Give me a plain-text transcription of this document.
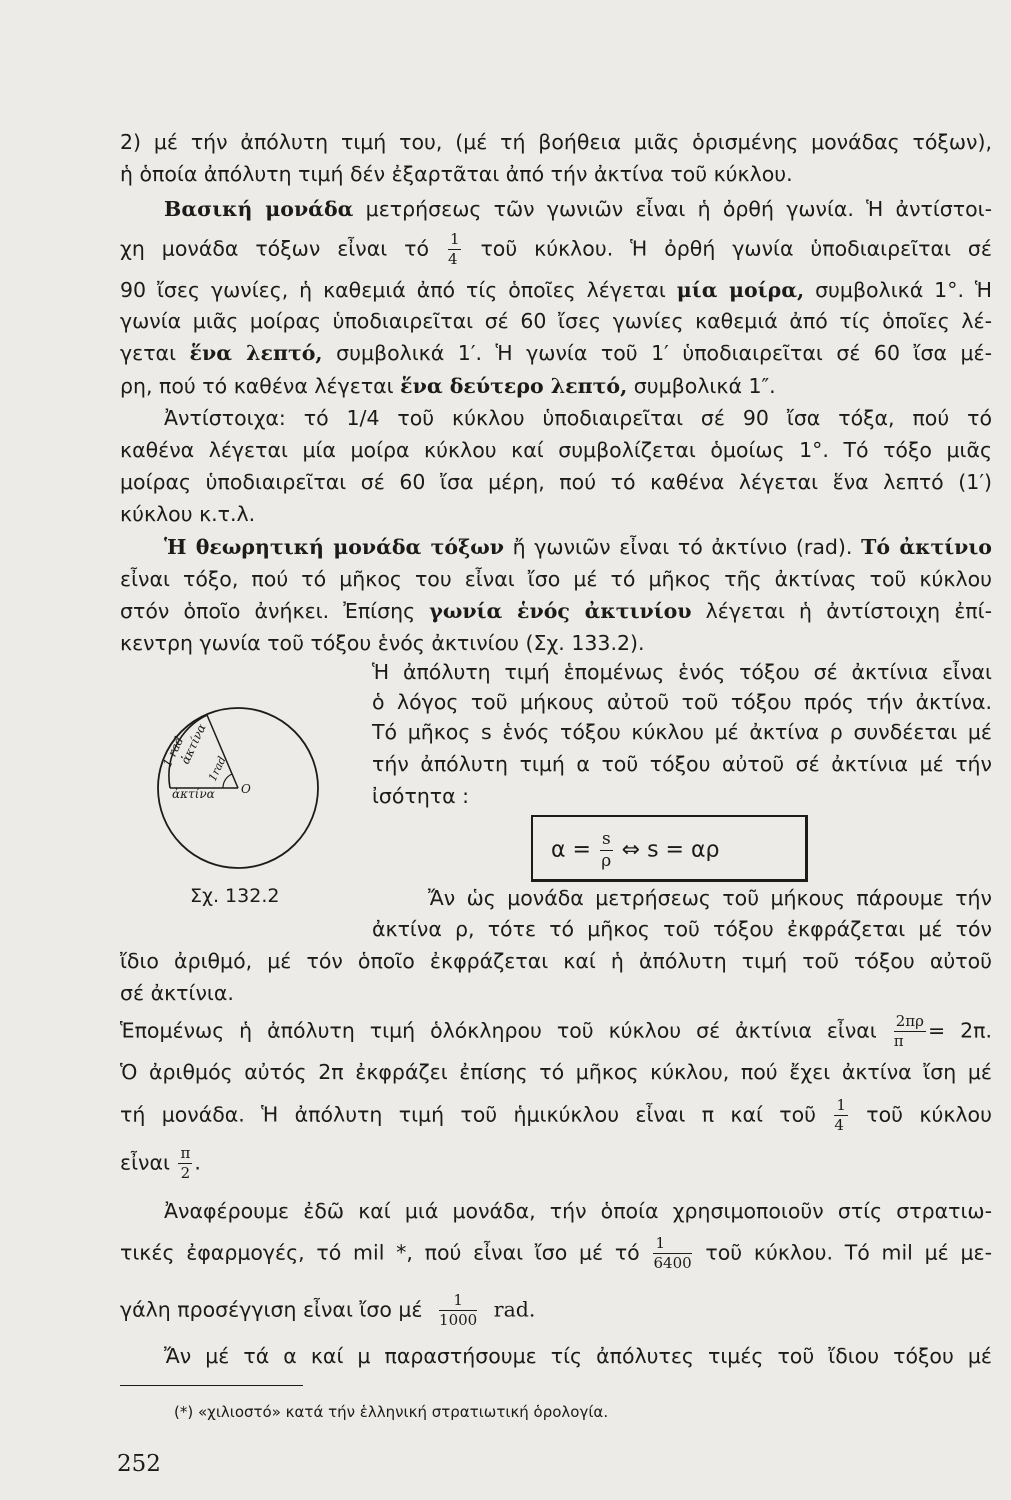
2) μέ τήν ἀπόλυτη τιμή του, (μέ τή βοήθεια μιᾶς ὁρισμένης μονάδας τόξων),
ἡ ὁποία ἀπόλυτη τιμή δέν ἐξαρτᾶται ἀπό τήν ἀκτίνα τοῦ κύκλου.
Βασική μονάδα μετρήσεως τῶν γωνιῶν εἶναι ἡ ὀρθή γωνία. Ἡ ἀντίστοι-
χη μονάδα τόξων εἶναι τό $\frac{1}{4}$ τοῦ κύκλου. Ἡ ὀρθή γωνία ὑποδιαιρεῖται σέ
90 ἴσες γωνίες, ἡ καθεμιά ἀπό τίς ὁποῖες λέγεται μία μοίρα, συμβολικά 1°. Ἡ
γωνία μιᾶς μοίρας ὑποδιαιρεῖται σέ 60 ἴσες γωνίες καθεμιά ἀπό τίς ὁποῖες λέ-
γεται ἕνα λεπτό, συμβολικά 1′. Ἡ γωνία τοῦ 1′ ὑποδιαιρεῖται σέ 60 ἴσα μέ-
ρη, πού τό καθένα λέγεται ἕνα δεύτερο λεπτό, συμβολικά 1″.
Ἀντίστοιχα: τό 1/4 τοῦ κύκλου ὑποδιαιρεῖται σέ 90 ἴσα τόξα, πού τό
καθένα λέγεται μία μοίρα κύκλου καί συμβολίζεται ὁμοίως 1°. Τό τόξο μιᾶς
μοίρας ὑποδιαιρεῖται σέ 60 ἴσα μέρη, πού τό καθένα λέγεται ἕνα λεπτό (1′)
κύκλου κ.τ.λ.
Ἡ θεωρητική μονάδα τόξων ἤ γωνιῶν εἶναι τό ἀκτίνιο (rad). Τό ἀκτίνιο
εἶναι τόξο, πού τό μῆκος του εἶναι ἴσο μέ τό μῆκος τῆς ἀκτίνας τοῦ κύκλου
στόν ὁποῖο ἀνήκει. Ἐπίσης γωνία ἑνός ἀκτινίου λέγεται ἡ ἀντίστοιχη ἐπί-
κεντρη γωνία τοῦ τόξου ἑνός ἀκτινίου (Σχ. 133.2).
Ἡ ἀπόλυτη τιμή ἑπομένως ἑνός τόξου σέ ἀκτίνια εἶναι
ὁ λόγος τοῦ μήκους αὐτοῦ τοῦ τόξου πρός τήν ἀκτίνα.
Τό μῆκος s ἑνός τόξου κύκλου μέ ἀκτίνα ρ συνδέεται μέ
τήν ἀπόλυτη τιμή α τοῦ τόξου αὐτοῦ σέ ἀκτίνια μέ τήν
ἰσότητα :
ἀκτίνα
ἀκτίνα
1 rad 1rad
O
$\alpha = \frac{s}{\rho}$ ⇔ s = αρ
Σχ. 132.2	Ἄν ὡς μονάδα μετρήσεως τοῦ μήκους πάρουμε τήν
ἀκτίνα ρ, τότε τό μῆκος τοῦ τόξου ἐκφράζεται μέ τόν
ἴδιο ἀριθμό, μέ τόν ὁποῖο ἐκφράζεται καί ἡ ἀπόλυτη τιμή τοῦ τόξου αὐτοῦ
σέ ἀκτίνια.
Ἑπομένως ἡ ἀπόλυτη τιμή ὁλόκληρου τοῦ κύκλου σέ ἀκτίνια εἶναι $\frac{2\pi\rho}{\pi} = 2\pi$.
Ὁ ἀριθμός αὐτός 2π ἐκφράζει ἐπίσης τό μῆκος κύκλου, πού ἔχει ἀκτίνα ἴση μέ
τή μονάδα. Ἡ ἀπόλυτη τιμή τοῦ ἡμικύκλου εἶναι π καί τοῦ $\frac{1}{4}$ τοῦ κύκλου
εἶναι $\frac{\pi}{2}$ .
Ἀναφέρουμε ἐδῶ καί μιά μονάδα, τήν ὁποία χρησιμοποιοῦν στίς στρατιω-
τικές ἐφαρμογές, τό mil *, πού εἶναι ἴσο μέ τό $\frac{1}{6400}$ τοῦ κύκλου. Τό mil μέ με-
γάλη προσέγγιση εἶναι ἴσο μέ $\frac{1}{1000}$ rad.
Ἄν μέ τά α καί μ παραστήσουμε τίς ἀπόλυτες τιμές τοῦ ἴδιου τόξου μέ
(*) «χιλιοστό» κατά τήν ἑλληνική στρατιωτική ὁρολογία.
252
